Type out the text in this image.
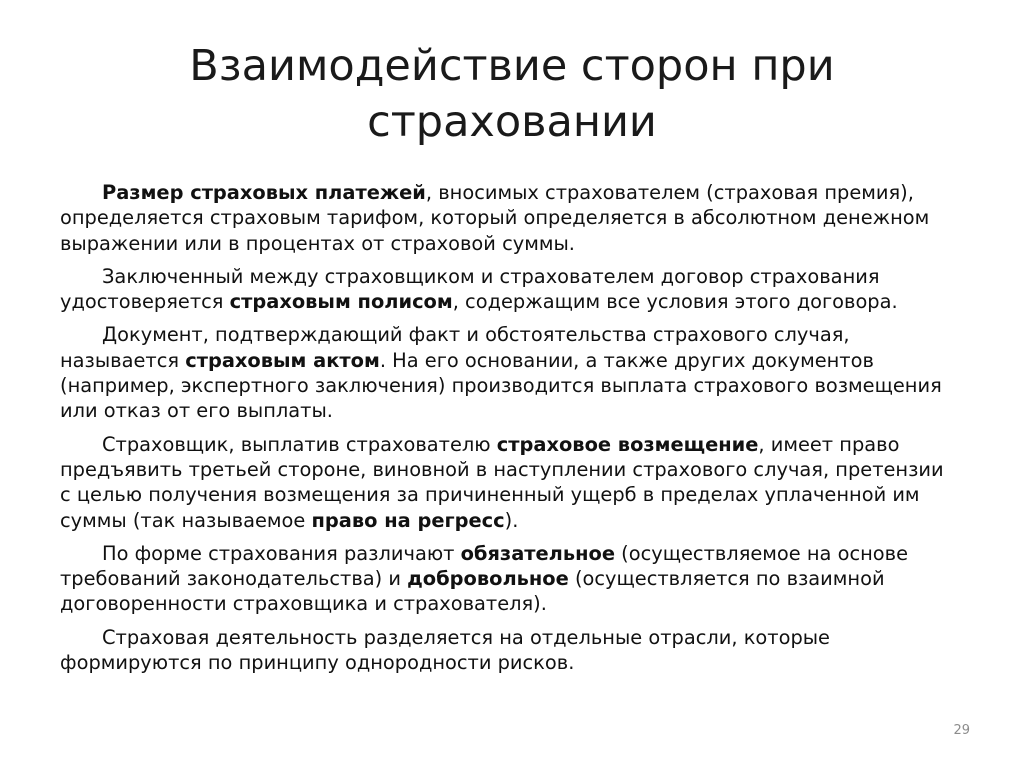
Взаимодействие сторон при
страховании

Размер страховых платежей, вносимых страхователем (страховая премия), определяется страховым тарифом, который определяется в абсолютном денежном выражении или в процентах от страховой суммы.

Заключенный между страховщиком и страхователем договор страхования удостоверяется страховым полисом, содержащим все условия этого договора.

Документ, подтверждающий факт и обстоятельства страхового случая, называется страховым актом. На его основании, а также других документов (например, экспертного заключения) производится выплата страхового возмещения или отказ от его выплаты.

Страховщик, выплатив страхователю страховое возмещение, имеет право предъявить третьей стороне, виновной в наступлении страхового случая, претензии с целью получения возмещения за причиненный ущерб в пределах уплаченной им суммы (так называемое право на регресс).

По форме страхования различают обязательное (осуществляемое на основе требований законодательства) и добровольное (осуществляется по взаимной договоренности страховщика и страхователя).

Страховая деятельность разделяется на отдельные отрасли, которые формируются по принципу однородности рисков.

29
